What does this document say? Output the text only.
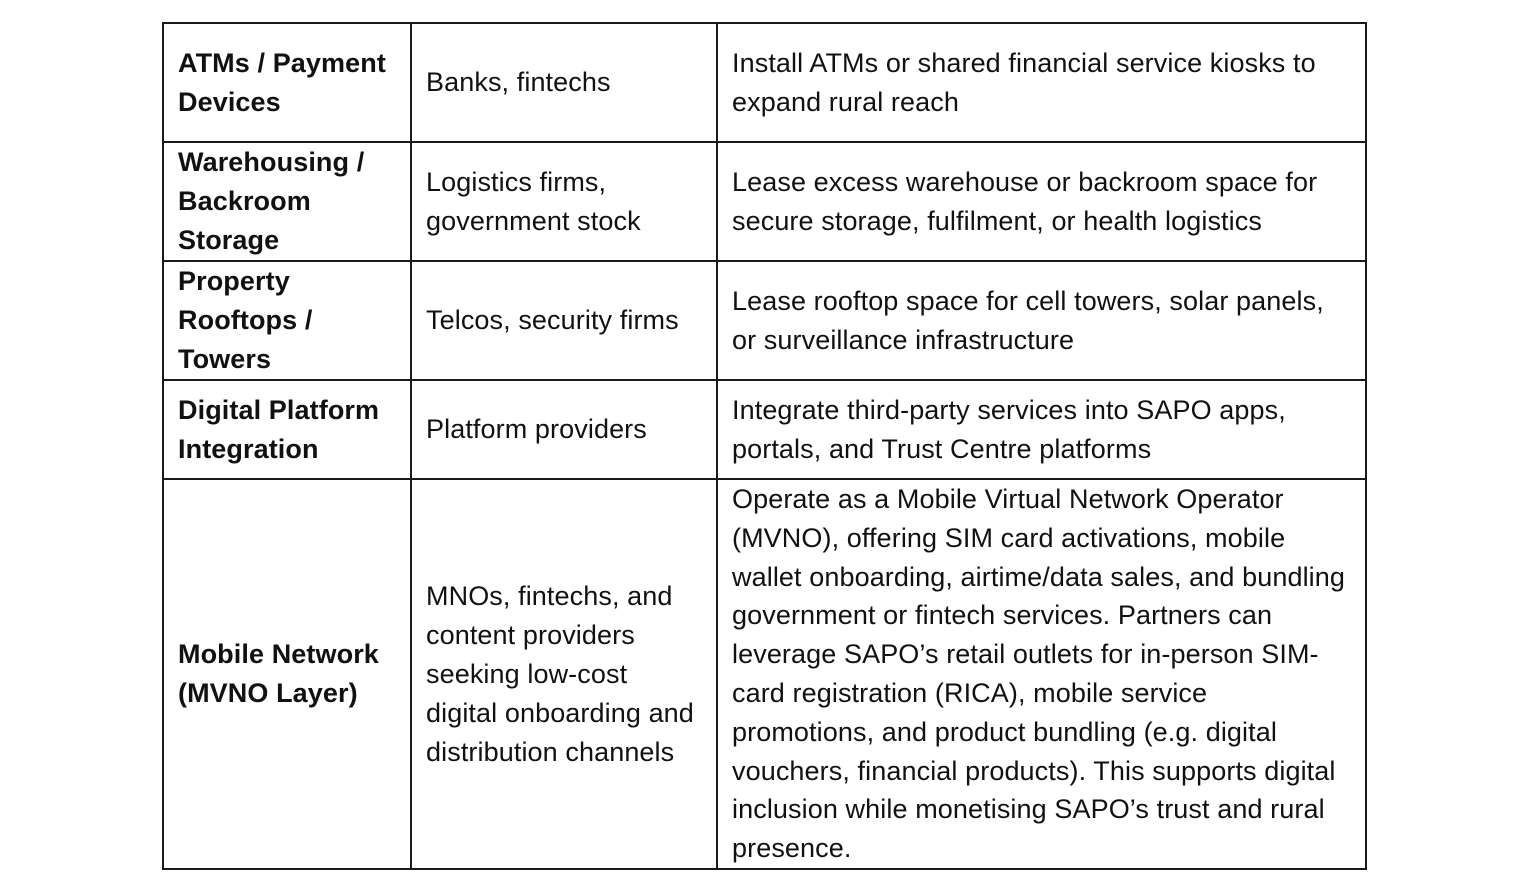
ATMs / Payment Devices	Banks, fintechs	Install ATMs or shared financial service kiosks to expand rural reach
Warehousing / Backroom Storage	Logistics firms, government stock	Lease excess warehouse or backroom space for secure storage, fulfilment, or health logistics
Property Rooftops / Towers	Telcos, security firms	Lease rooftop space for cell towers, solar panels, or surveillance infrastructure
Digital Platform Integration	Platform providers	Integrate third-party services into SAPO apps, portals, and Trust Centre platforms
Mobile Network (MVNO Layer)	MNOs, fintechs, and content providers seeking low-cost digital onboarding and distribution channels	Operate as a Mobile Virtual Network Operator (MVNO), offering SIM card activations, mobile wallet onboarding, airtime/data sales, and bundling government or fintech services. Partners can leverage SAPO’s retail outlets for in-person SIM-card registration (RICA), mobile service promotions, and product bundling (e.g. digital vouchers, financial products). This supports digital inclusion while monetising SAPO’s trust and rural presence.
